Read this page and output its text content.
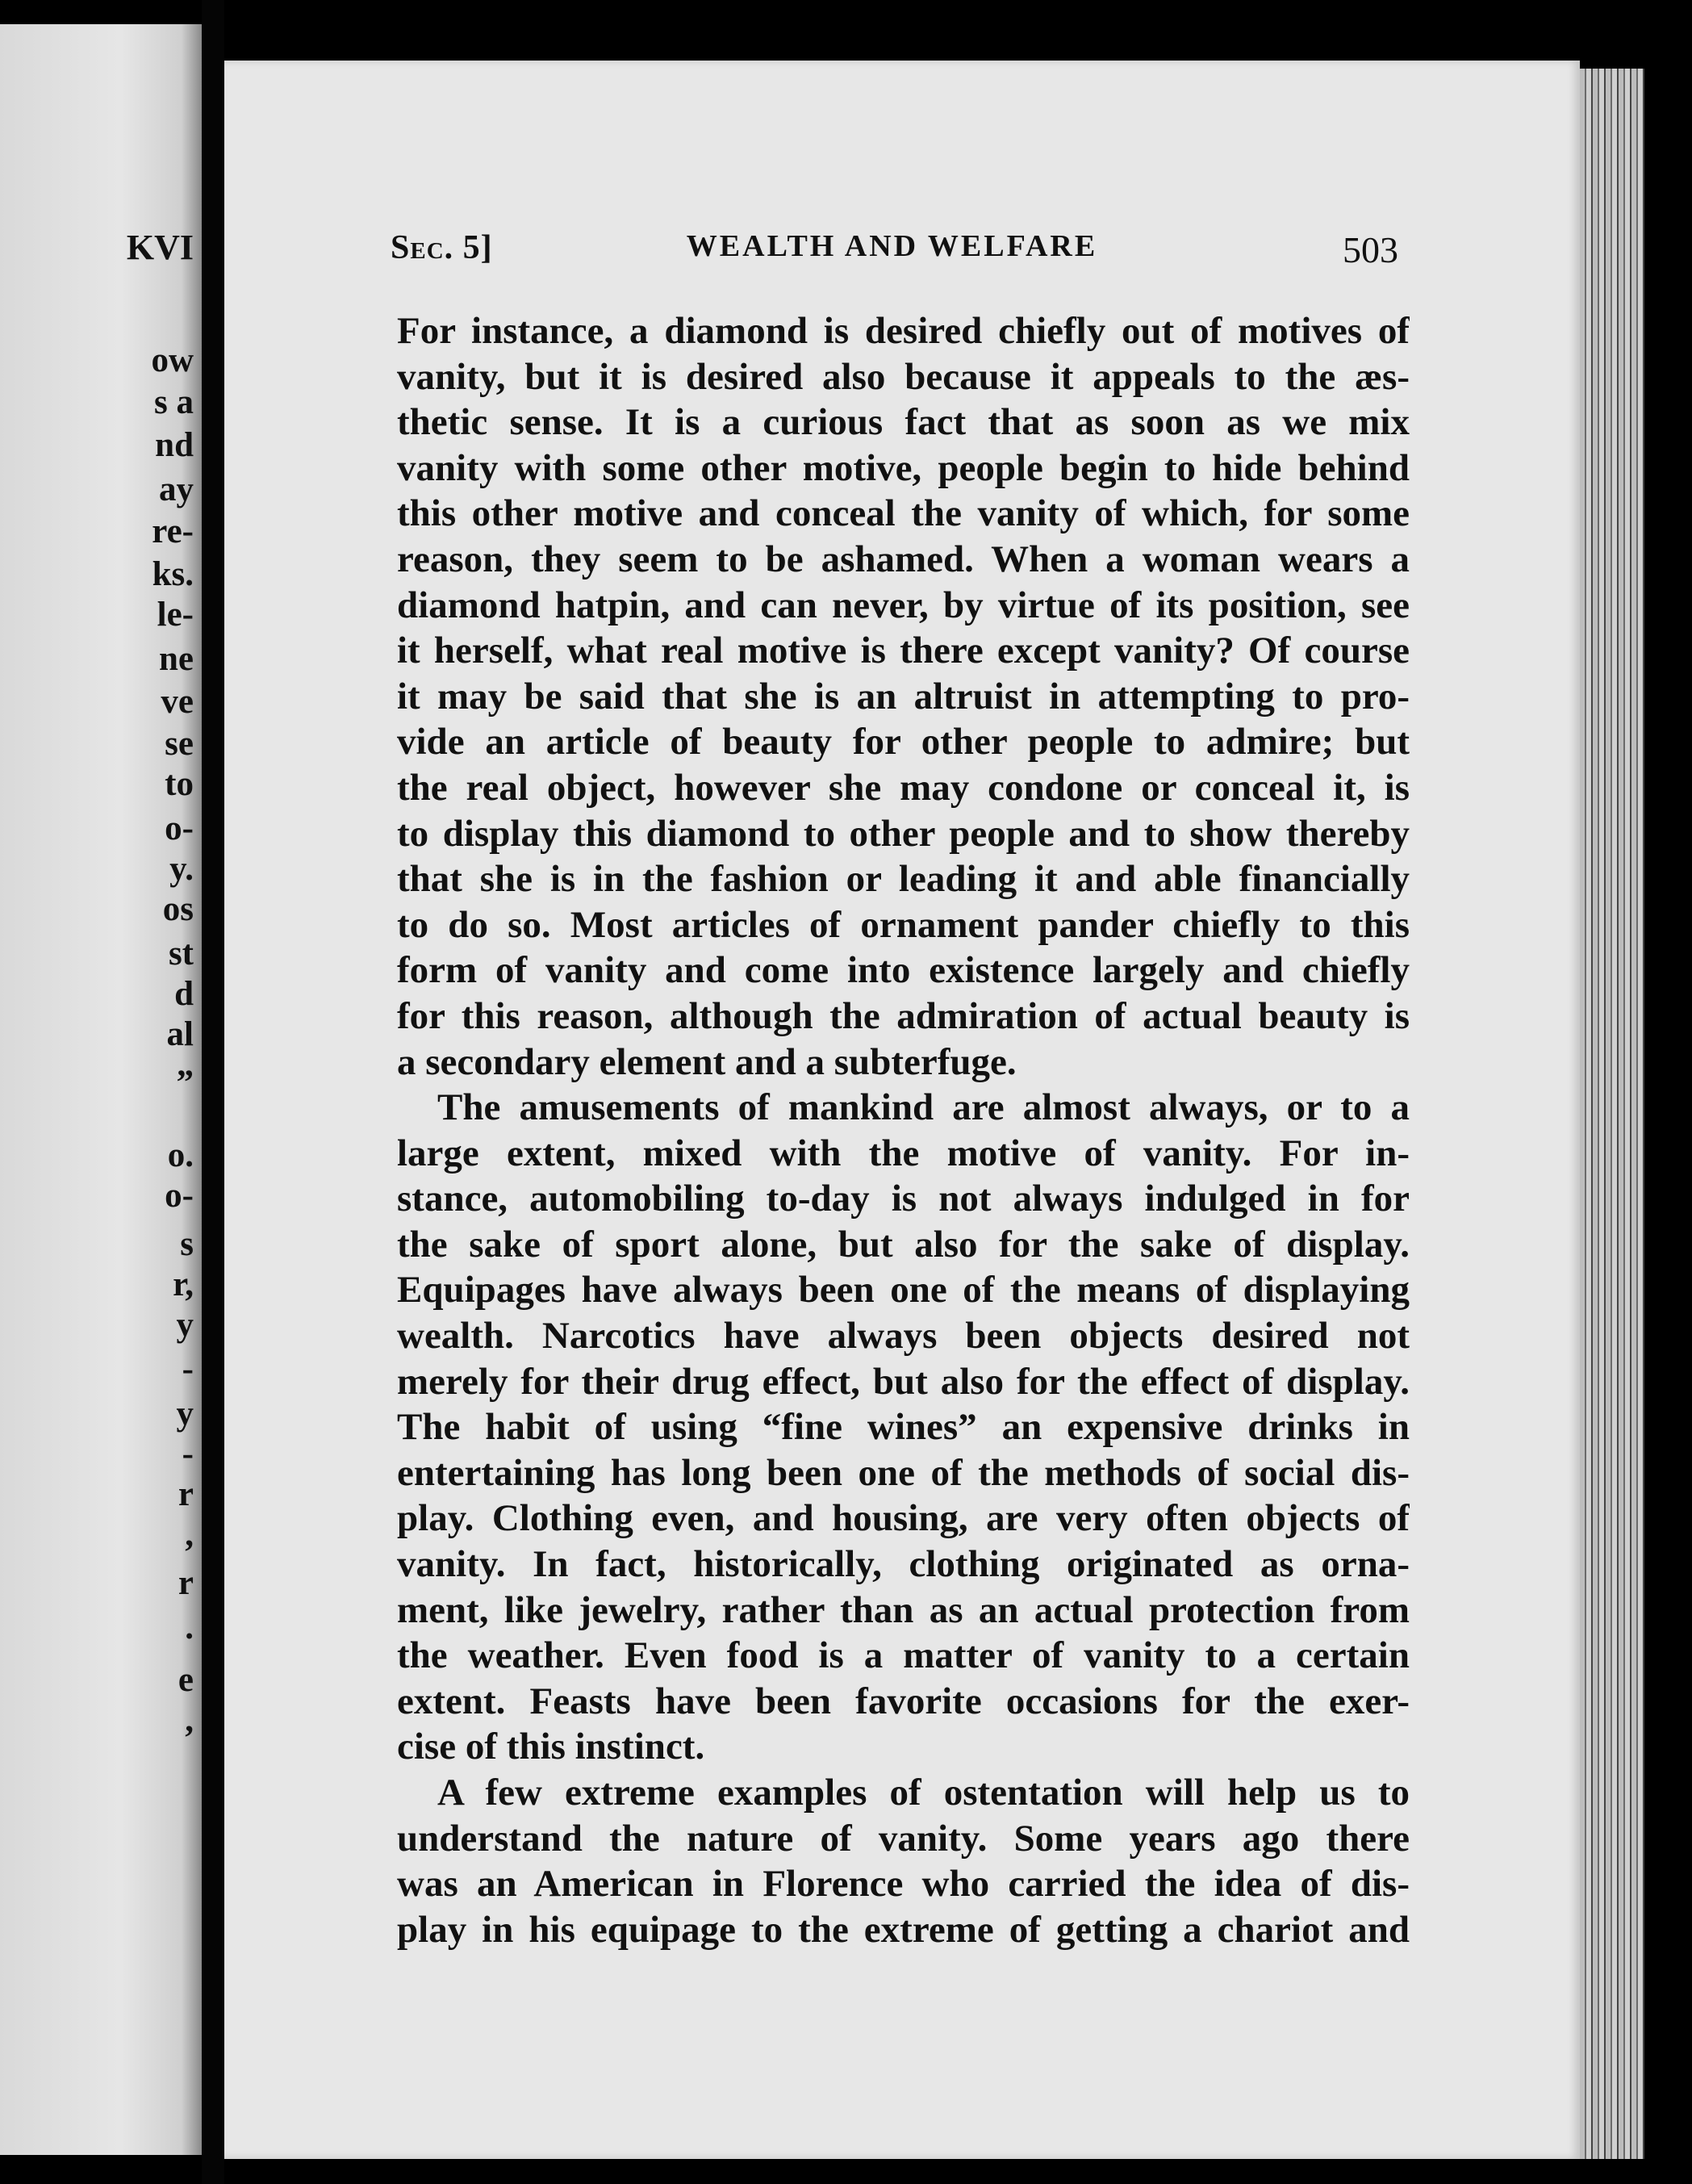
ΚVΙ
οw
s a
nd
ay
re-
ks.
le-
ne
ve
se
to
o-
y.
os
st
d
al
”
o.
o-
s
r,
y
-
y
-
r
,
r
.
e
,
Sec. 5]	WEALTH AND WELFARE	503
For instance, a diamond is desired chiefly out of motives of
vanity, but it is desired also because it appeals to the æs-
thetic sense. It is a curious fact that as soon as we mix
vanity with some other motive, people begin to hide behind
this other motive and conceal the vanity of which, for some
reason, they seem to be ashamed. When a woman wears a
diamond hatpin, and can never, by virtue of its position, see
it herself, what real motive is there except vanity? Of course
it may be said that she is an altruist in attempting to pro-
vide an article of beauty for other people to admire; but
the real object, however she may condone or conceal it, is
to display this diamond to other people and to show thereby
that she is in the fashion or leading it and able financially
to do so. Most articles of ornament pander chiefly to this
form of vanity and come into existence largely and chiefly
for this reason, although the admiration of actual beauty is
a secondary element and a subterfuge.
The amusements of mankind are almost always, or to a
large extent, mixed with the motive of vanity. For in-
stance, automobiling to-day is not always indulged in for
the sake of sport alone, but also for the sake of display.
Equipages have always been one of the means of displaying
wealth. Narcotics have always been objects desired not
merely for their drug effect, but also for the effect of display.
The habit of using “fine wines” an expensive drinks in
entertaining has long been one of the methods of social dis-
play. Clothing even, and housing, are very often objects of
vanity. In fact, historically, clothing originated as orna-
ment, like jewelry, rather than as an actual protection from
the weather. Even food is a matter of vanity to a certain
extent. Feasts have been favorite occasions for the exer-
cise of this instinct.
A few extreme examples of ostentation will help us to
understand the nature of vanity. Some years ago there
was an American in Florence who carried the idea of dis-
play in his equipage to the extreme of getting a chariot and
